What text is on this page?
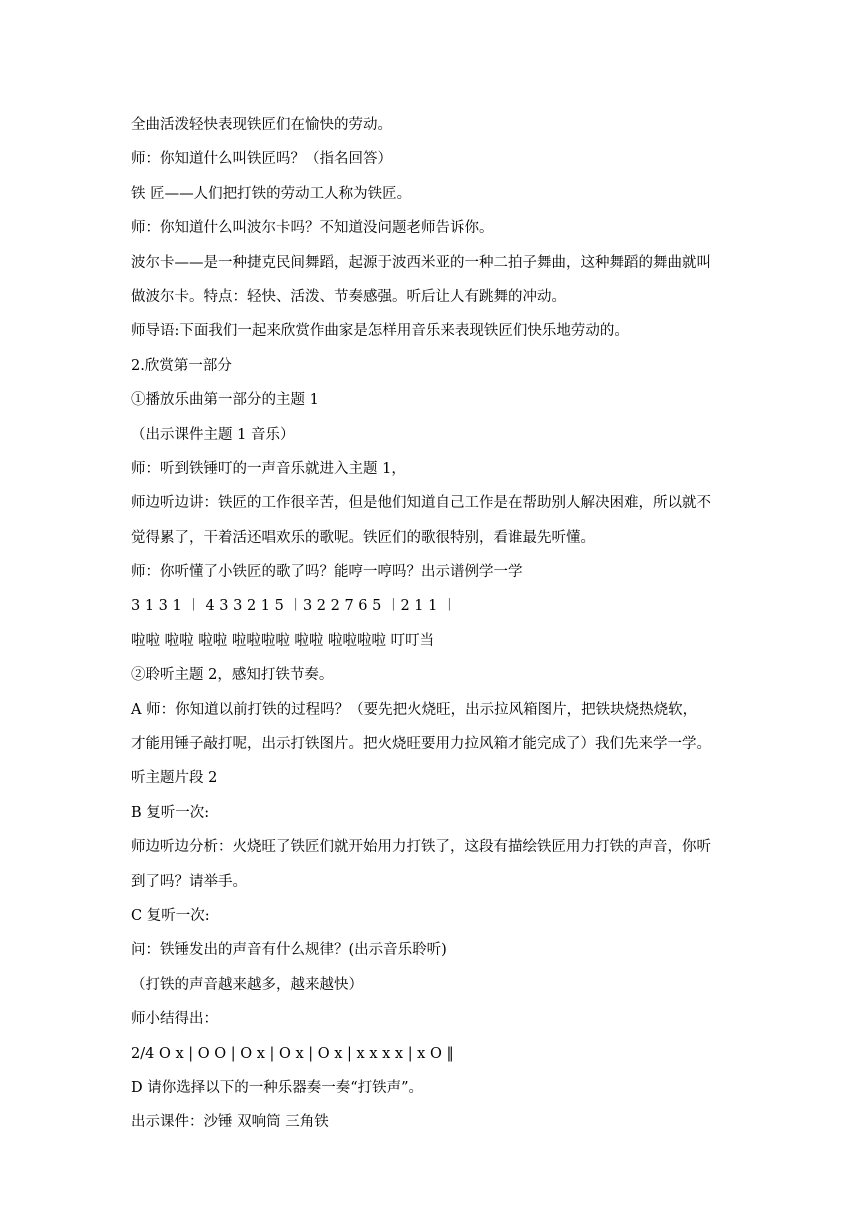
全曲活泼轻快表现铁匠们在愉快的劳动。
师：你知道什么叫铁匠吗？（指名回答）
铁 匠——人们把打铁的劳动工人称为铁匠。
师：你知道什么叫波尔卡吗？不知道没问题老师告诉你。
波尔卡——是一种捷克民间舞蹈，起源于波西米亚的一种二拍子舞曲，这种舞蹈的舞曲就叫
做波尔卡。特点：轻快、活泼、节奏感强。听后让人有跳舞的冲动。
师导语:下面我们一起来欣赏作曲家是怎样用音乐来表现铁匠们快乐地劳动的。
2.欣赏第一部分
①播放乐曲第一部分的主题 1
（出示课件主题 1 音乐）
师：听到铁锤叮的一声音乐就进入主题 1，
师边听边讲：铁匠的工作很辛苦，但是他们知道自己工作是在帮助别人解决困难，所以就不
觉得累了，干着活还唱欢乐的歌呢。铁匠们的歌很特别，看谁最先听懂。
师：你听懂了小铁匠的歌了吗？能哼一哼吗？出示谱例学一学
3 1 3 1 ︱ 4 3 3 2 1 5 ︱3 2 2 7 6 5 ︱2 1 1 ︱
啦啦 啦啦 啦啦 啦啦啦啦 啦啦 啦啦啦啦 叮叮当
②聆听主题 2，感知打铁节奏。
A 师：你知道以前打铁的过程吗？（要先把火烧旺，出示拉风箱图片，把铁块烧热烧软，
才能用锤子敲打呢，出示打铁图片。把火烧旺要用力拉风箱才能完成了）我们先来学一学。
听主题片段 2
B 复听一次:
师边听边分析：火烧旺了铁匠们就开始用力打铁了，这段有描绘铁匠用力打铁的声音，你听
到了吗？请举手。
C 复听一次:
问：铁锤发出的声音有什么规律？(出示音乐聆听)
（打铁的声音越来越多，越来越快）
师小结得出：
2/4 O x | O O | O x | O x | O x | x x x x | x O ‖
D 请你选择以下的一种乐器奏一奏“打铁声”。
出示课件：沙锤 双响筒 三角铁
